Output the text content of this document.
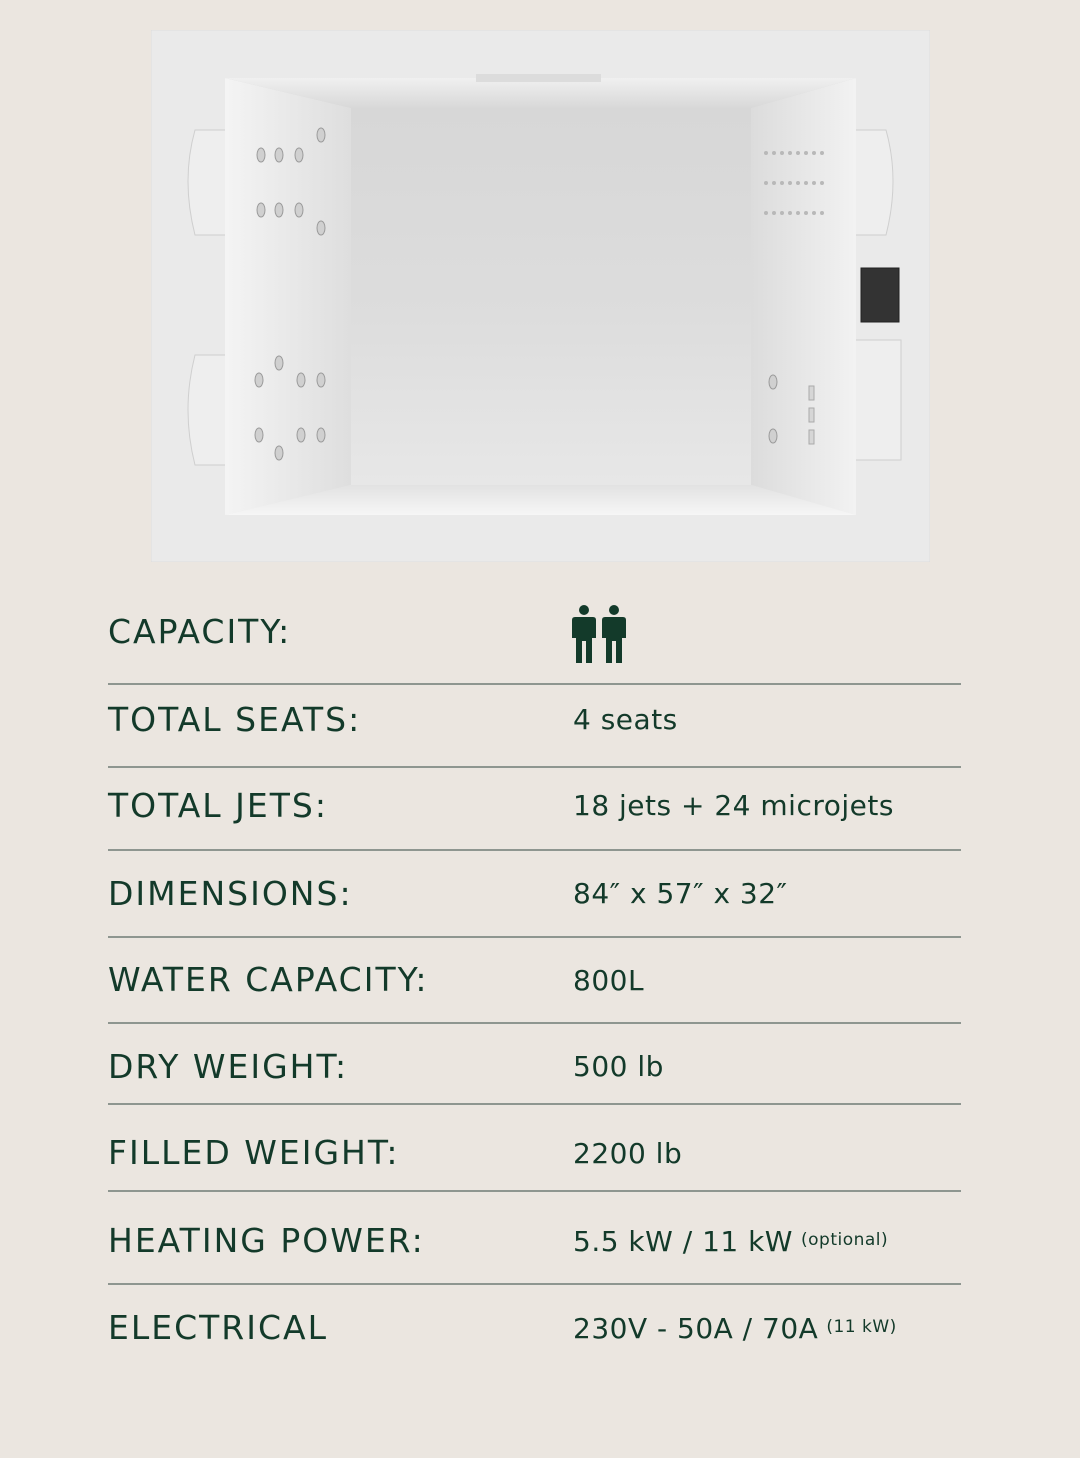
CAPACITY:
TOTAL SEATS:	4 seats
TOTAL JETS:	18 jets + 24 microjets
DIMENSIONS:	84″ x 57″ x 32″
WATER CAPACITY:	800L
DRY WEIGHT:	500 lb
FILLED WEIGHT:	2200 lb
HEATING POWER:	5.5 kW / 11 kW $^{(optional)}$
ELECTRICAL	230V - 50A / 70A $^{(11 kW)}$
